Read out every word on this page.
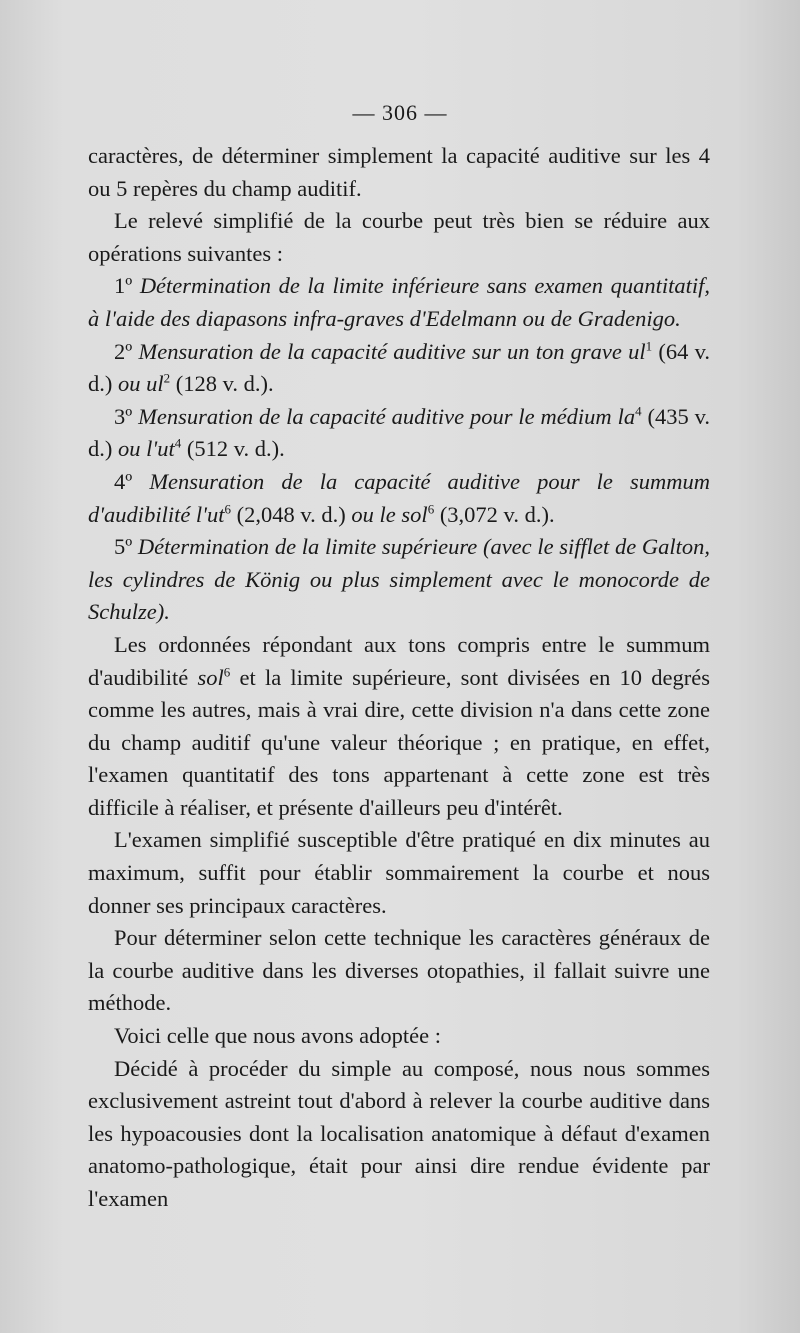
— 306 —

caractères, de déterminer simplement la capacité auditive sur les 4 ou 5 repères du champ auditif.

Le relevé simplifié de la courbe peut très bien se réduire aux opérations suivantes :

1º Détermination de la limite inférieure sans examen quantitatif, à l'aide des diapasons infra-graves d'Edelmann ou de Gradenigo.

2º Mensuration de la capacité auditive sur un ton grave $ul^1$ (64 v. d.) ou $ul^2$ (128 v. d.).

3º Mensuration de la capacité auditive pour le médium $la^4$ (435 v. d.) ou $l'ut^4$ (512 v. d.).

4º Mensuration de la capacité auditive pour le summum d'audibilité $l'ut^6$ (2,048 v. d.) ou le sol$^6$ (3,072 v. d.).

5º Détermination de la limite supérieure (avec le sifflet de Galton, les cylindres de König ou plus simplement avec le monocorde de Schulze).

Les ordonnées répondant aux tons compris entre le summum d'audibilité sol$^6$ et la limite supérieure, sont divisées en 10 degrés comme les autres, mais à vrai dire, cette division n'a dans cette zone du champ auditif qu'une valeur théorique ; en pratique, en effet, l'examen quantitatif des tons appartenant à cette zone est très difficile à réaliser, et présente d'ailleurs peu d'intérêt.

L'examen simplifié susceptible d'être pratiqué en dix minutes au maximum, suffit pour établir sommairement la courbe et nous donner ses principaux caractères.

Pour déterminer selon cette technique les caractères généraux de la courbe auditive dans les diverses otopathies, il fallait suivre une méthode.

Voici celle que nous avons adoptée :

Décidé à procéder du simple au composé, nous nous sommes exclusivement astreint tout d'abord à relever la courbe auditive dans les hypoacousies dont la localisation anatomique à défaut d'examen anatomo-pathologique, était pour ainsi dire rendue évidente par l'examen
